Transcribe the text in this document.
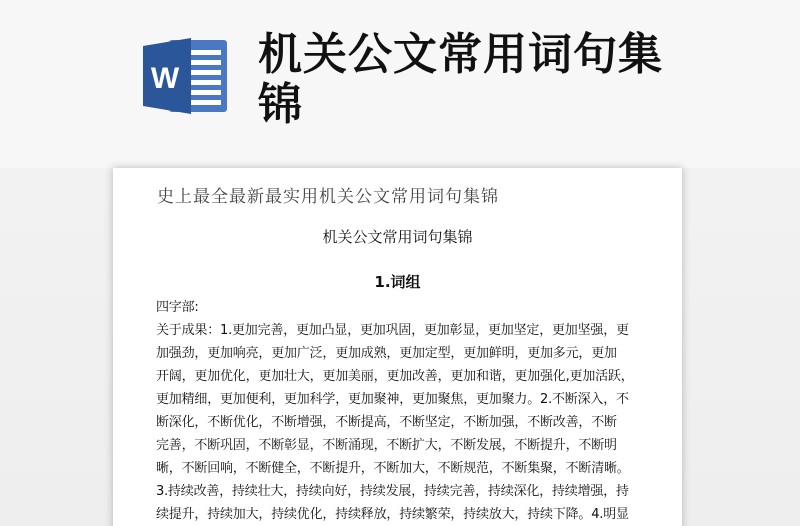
W 机关公文常用词句集锦
史上最全最新最实用机关公文常用词句集锦
机关公文常用词句集锦
1.词组

四字部:

关于成果：1.更加完善，更加凸显，更加巩固，更加彰显，更加坚定，更加坚强，更

加强劲，更加响亮，更加广泛，更加成熟，更加定型，更加鲜明，更加多元，更加

开阔，更加优化，更加壮大，更加美丽，更加改善，更加和谐，更加强化,更加活跃，

更加精细，更加便利，更加科学，更加聚神，更加聚焦，更加聚力。2.不断深入，不

断深化，不断优化，不断增强，不断提高，不断坚定，不断加强，不断改善，不断

完善，不断巩固，不断彰显，不断涌现，不断扩大，不断发展，不断提升，不断明

晰，不断回响，不断健全，不断提升，不断加大，不断规范，不断集聚，不断清晰。

3.持续改善，持续壮大，持续向好，持续发展，持续完善，持续深化，持续增强，持

续提升，持续加大，持续优化，持续释放，持续繁荣，持续放大，持续下降。4.明显
